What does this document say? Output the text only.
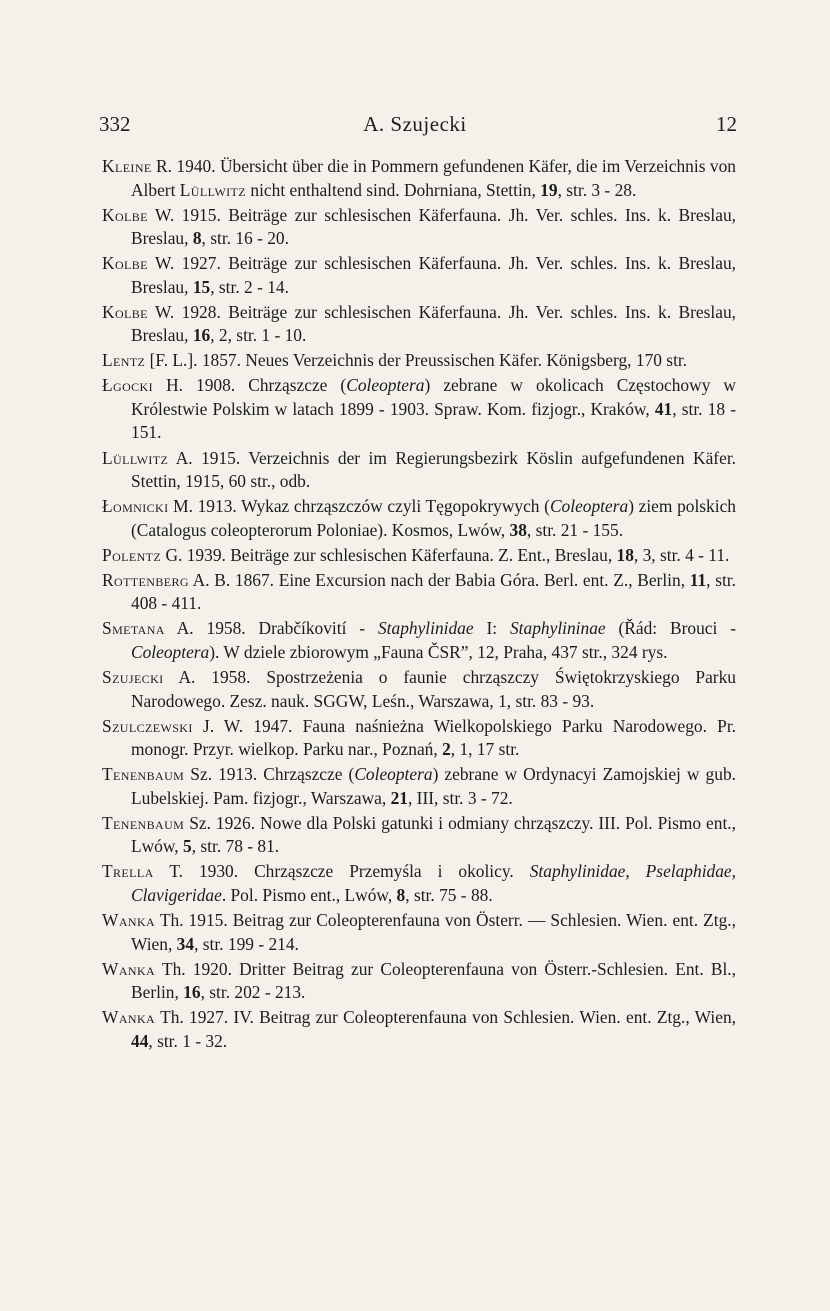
332	A. Szujecki	12

Kleine R. 1940. Übersicht über die in Pommern gefundenen Käfer, die im Verzeichnis von Albert Lüllwitz nicht enthaltend sind. Dohrniana, Stettin, 19, str. 3 - 28.

Kolbe W. 1915. Beiträge zur schlesischen Käferfauna. Jh. Ver. schles. Ins. k. Breslau, Breslau, 8, str. 16 - 20.

Kolbe W. 1927. Beiträge zur schlesischen Käferfauna. Jh. Ver. schles. Ins. k. Breslau, Breslau, 15, str. 2 - 14.

Kolbe W. 1928. Beiträge zur schlesischen Käferfauna. Jh. Ver. schles. Ins. k. Breslau, Breslau, 16, 2, str. 1 - 10.

Lentz [F. L.]. 1857. Neues Verzeichnis der Preussischen Käfer. Königsberg, 170 str.

Łgocki H. 1908. Chrząszcze (Coleoptera) zebrane w okolicach Częstochowy w Królestwie Polskim w latach 1899 - 1903. Spraw. Kom. fizjogr., Kraków, 41, str. 18 - 151.

Lüllwitz A. 1915. Verzeichnis der im Regierungsbezirk Köslin aufgefundenen Käfer. Stettin, 1915, 60 str., odb.

Łomnicki M. 1913. Wykaz chrząszczów czyli Tęgopokrywych (Coleoptera) ziem polskich (Catalogus coleopterorum Poloniae). Kosmos, Lwów, 38, str. 21 - 155.

Polentz G. 1939. Beiträge zur schlesischen Käferfauna. Z. Ent., Breslau, 18, 3, str. 4 - 11.

Rottenberg A. B. 1867. Eine Excursion nach der Babia Góra. Berl. ent. Z., Berlin, 11, str. 408 - 411.

Smetana A. 1958. Drabčíkovití - Staphylinidae I: Staphylininae (Řád: Brouci - Coleoptera). W dziele zbiorowym „Fauna ČSR”, 12, Praha, 437 str., 324 rys.

Szujecki A. 1958. Spostrzeżenia o faunie chrząszczy Świętokrzyskiego Parku Narodowego. Zesz. nauk. SGGW, Leśn., Warszawa, 1, str. 83 - 93.

Szulczewski J. W. 1947. Fauna naśnieżna Wielkopolskiego Parku Narodowego. Pr. monogr. Przyr. wielkop. Parku nar., Poznań, 2, 1, 17 str.

Tenenbaum Sz. 1913. Chrząszcze (Coleoptera) zebrane w Ordynacyi Zamojskiej w gub. Lubelskiej. Pam. fizjogr., Warszawa, 21, III, str. 3 - 72.

Tenenbaum Sz. 1926. Nowe dla Polski gatunki i odmiany chrząszczy. III. Pol. Pismo ent., Lwów, 5, str. 78 - 81.

Trella T. 1930. Chrząszcze Przemyśla i okolicy. Staphylinidae, Pselaphidae, Clavigeridae. Pol. Pismo ent., Lwów, 8, str. 75 - 88.

Wanka Th. 1915. Beitrag zur Coleopterenfauna von Österr. — Schlesien. Wien. ent. Ztg., Wien, 34, str. 199 - 214.

Wanka Th. 1920. Dritter Beitrag zur Coleopterenfauna von Österr.-Schlesien. Ent. Bl., Berlin, 16, str. 202 - 213.

Wanka Th. 1927. IV. Beitrag zur Coleopterenfauna von Schlesien. Wien. ent. Ztg., Wien, 44, str. 1 - 32.
